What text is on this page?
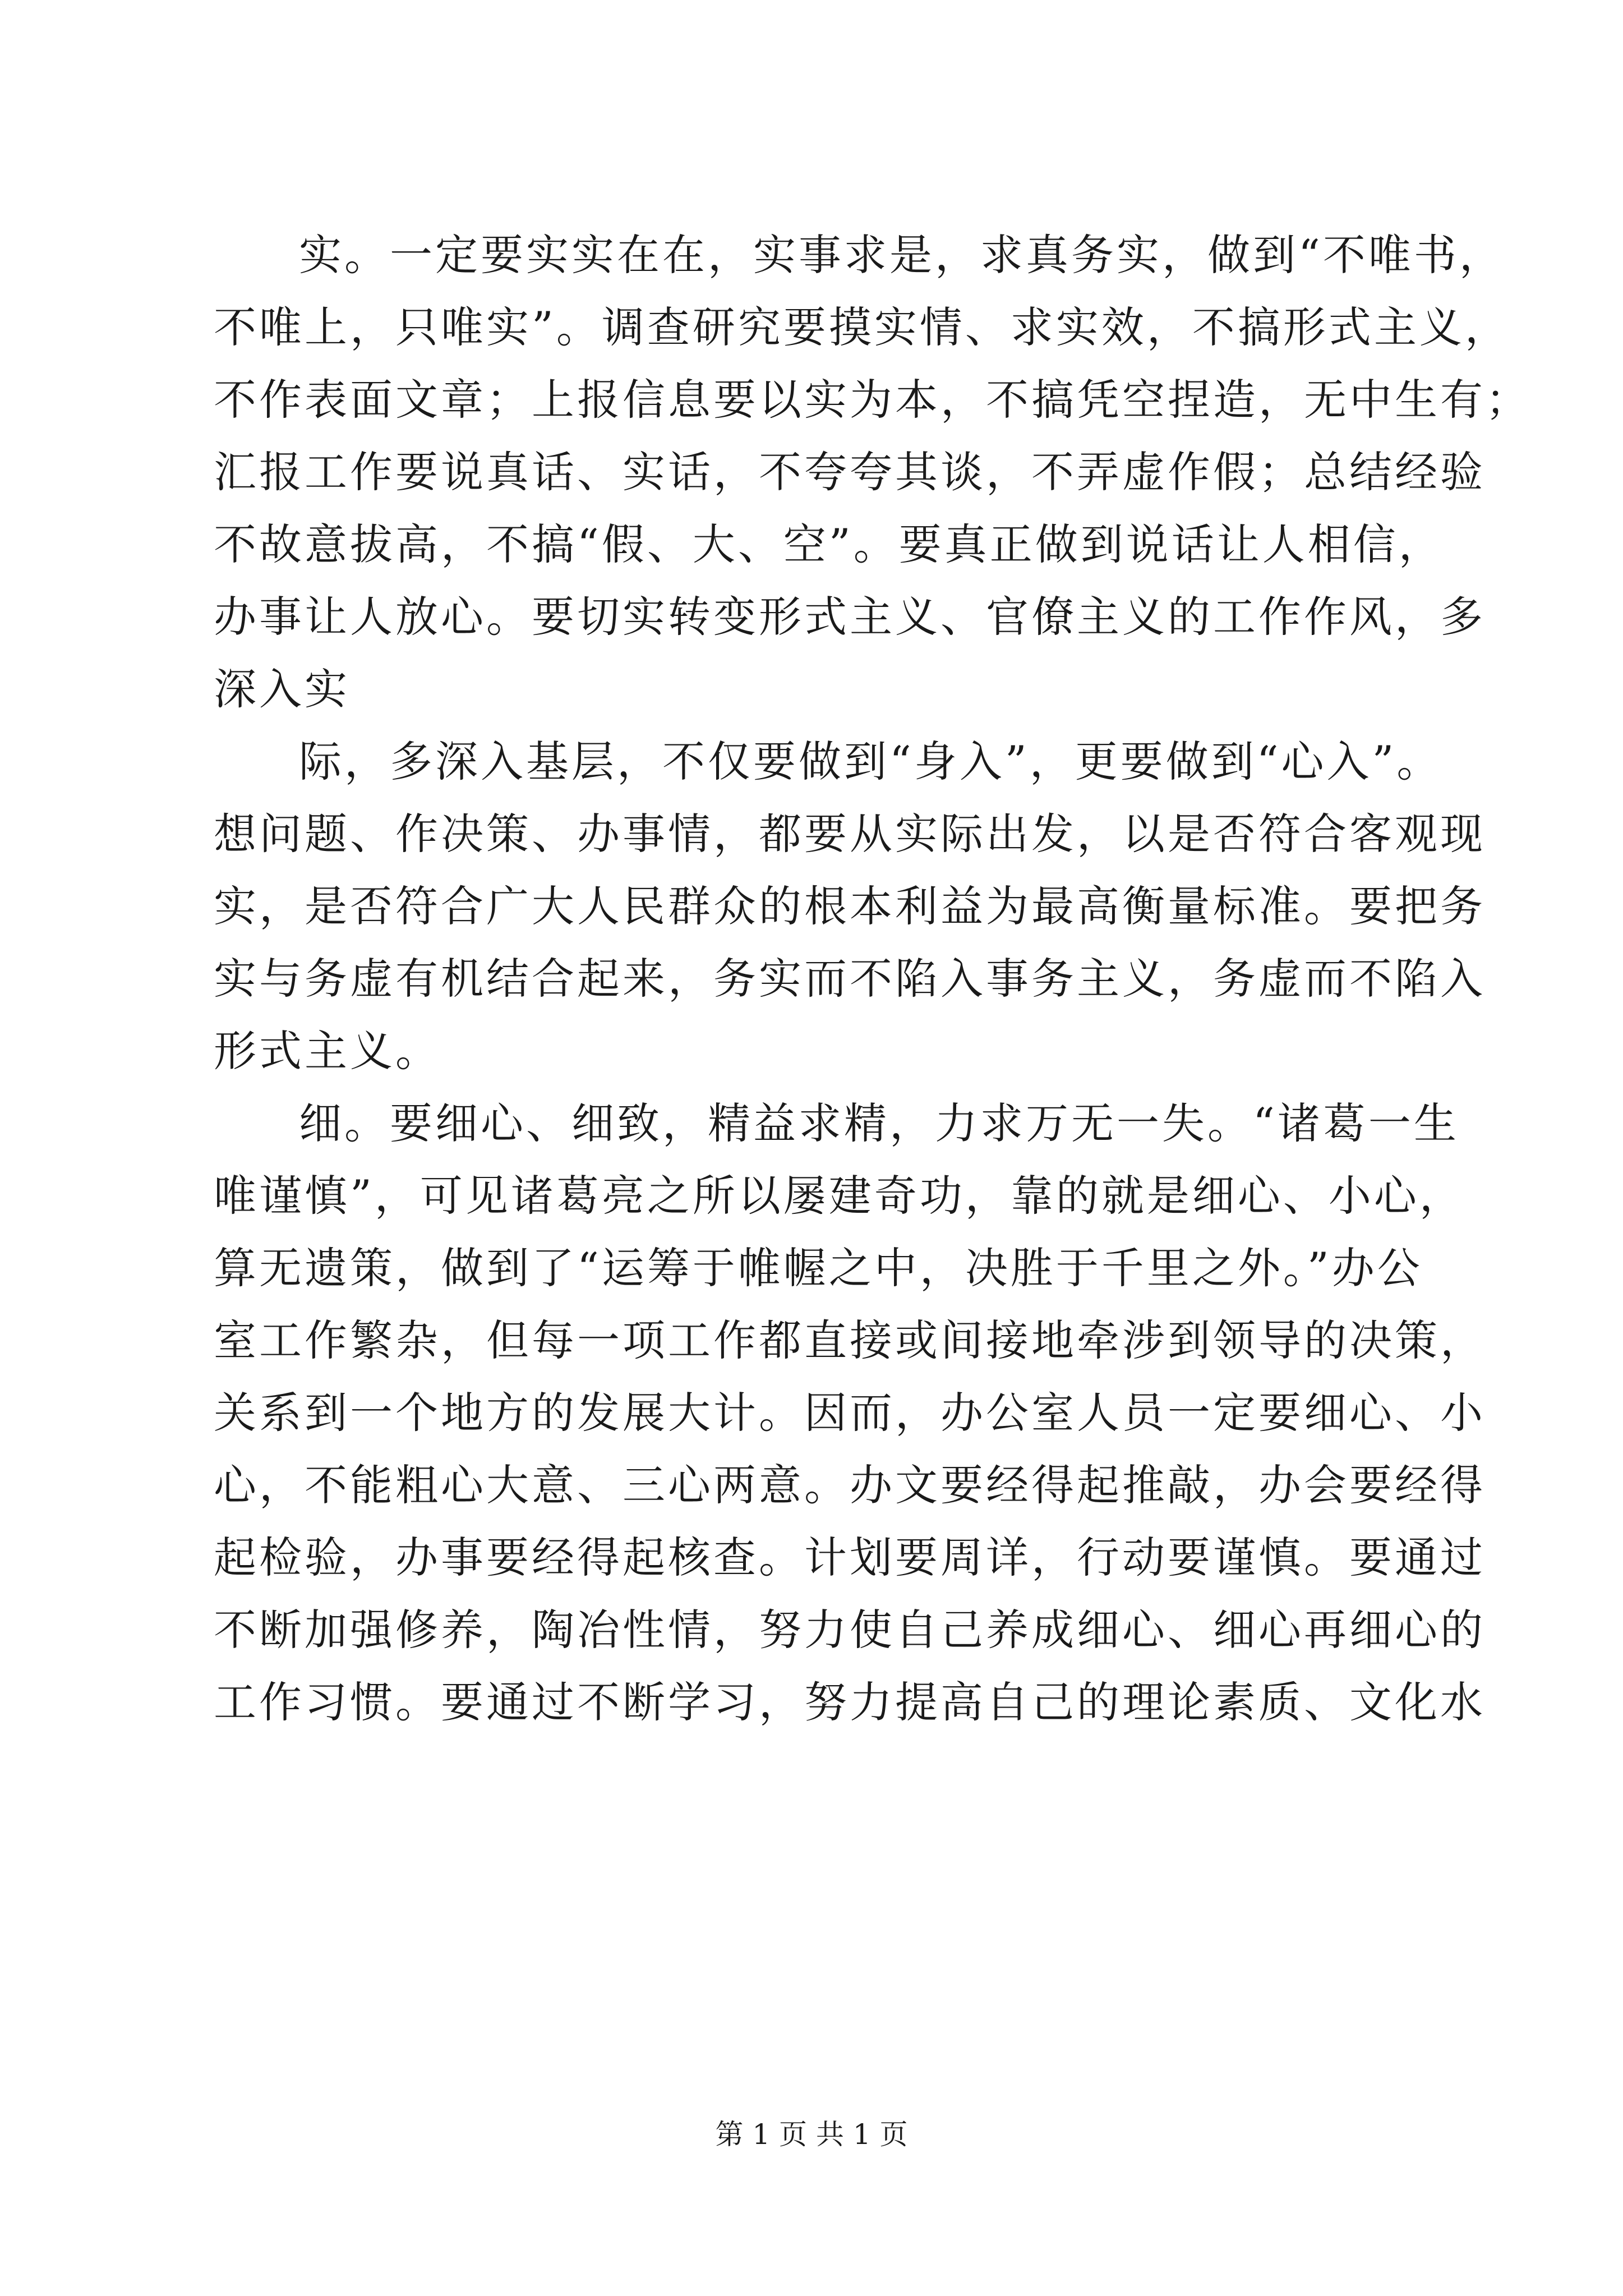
实。一定要实实在在，实事求是，求真务实，做到“不唯书，
不唯上，只唯实”。调查研究要摸实情、求实效，不搞形式主义，
不作表面文章；上报信息要以实为本，不搞凭空捏造，无中生有；
汇报工作要说真话、实话，不夸夸其谈，不弄虚作假；总结经验
不故意拔高，不搞“假、大、空”。要真正做到说话让人相信，
办事让人放心。要切实转变形式主义、官僚主义的工作作风，多
深入实
际，多深入基层，不仅要做到“身入”，更要做到“心入”。
想问题、作决策、办事情，都要从实际出发，以是否符合客观现
实，是否符合广大人民群众的根本利益为最高衡量标准。要把务
实与务虚有机结合起来，务实而不陷入事务主义，务虚而不陷入
形式主义。
细。要细心、细致，精益求精，力求万无一失。“诸葛一生
唯谨慎”，可见诸葛亮之所以屡建奇功，靠的就是细心、小心，
算无遗策，做到了“运筹于帷幄之中，决胜于千里之外。”办公
室工作繁杂，但每一项工作都直接或间接地牵涉到领导的决策，
关系到一个地方的发展大计。因而，办公室人员一定要细心、小
心，不能粗心大意、三心两意。办文要经得起推敲，办会要经得
起检验，办事要经得起核查。计划要周详，行动要谨慎。要通过
不断加强修养，陶冶性情，努力使自己养成细心、细心再细心的
工作习惯。要通过不断学习，努力提高自己的理论素质、文化水
第 1 页 共 1 页
